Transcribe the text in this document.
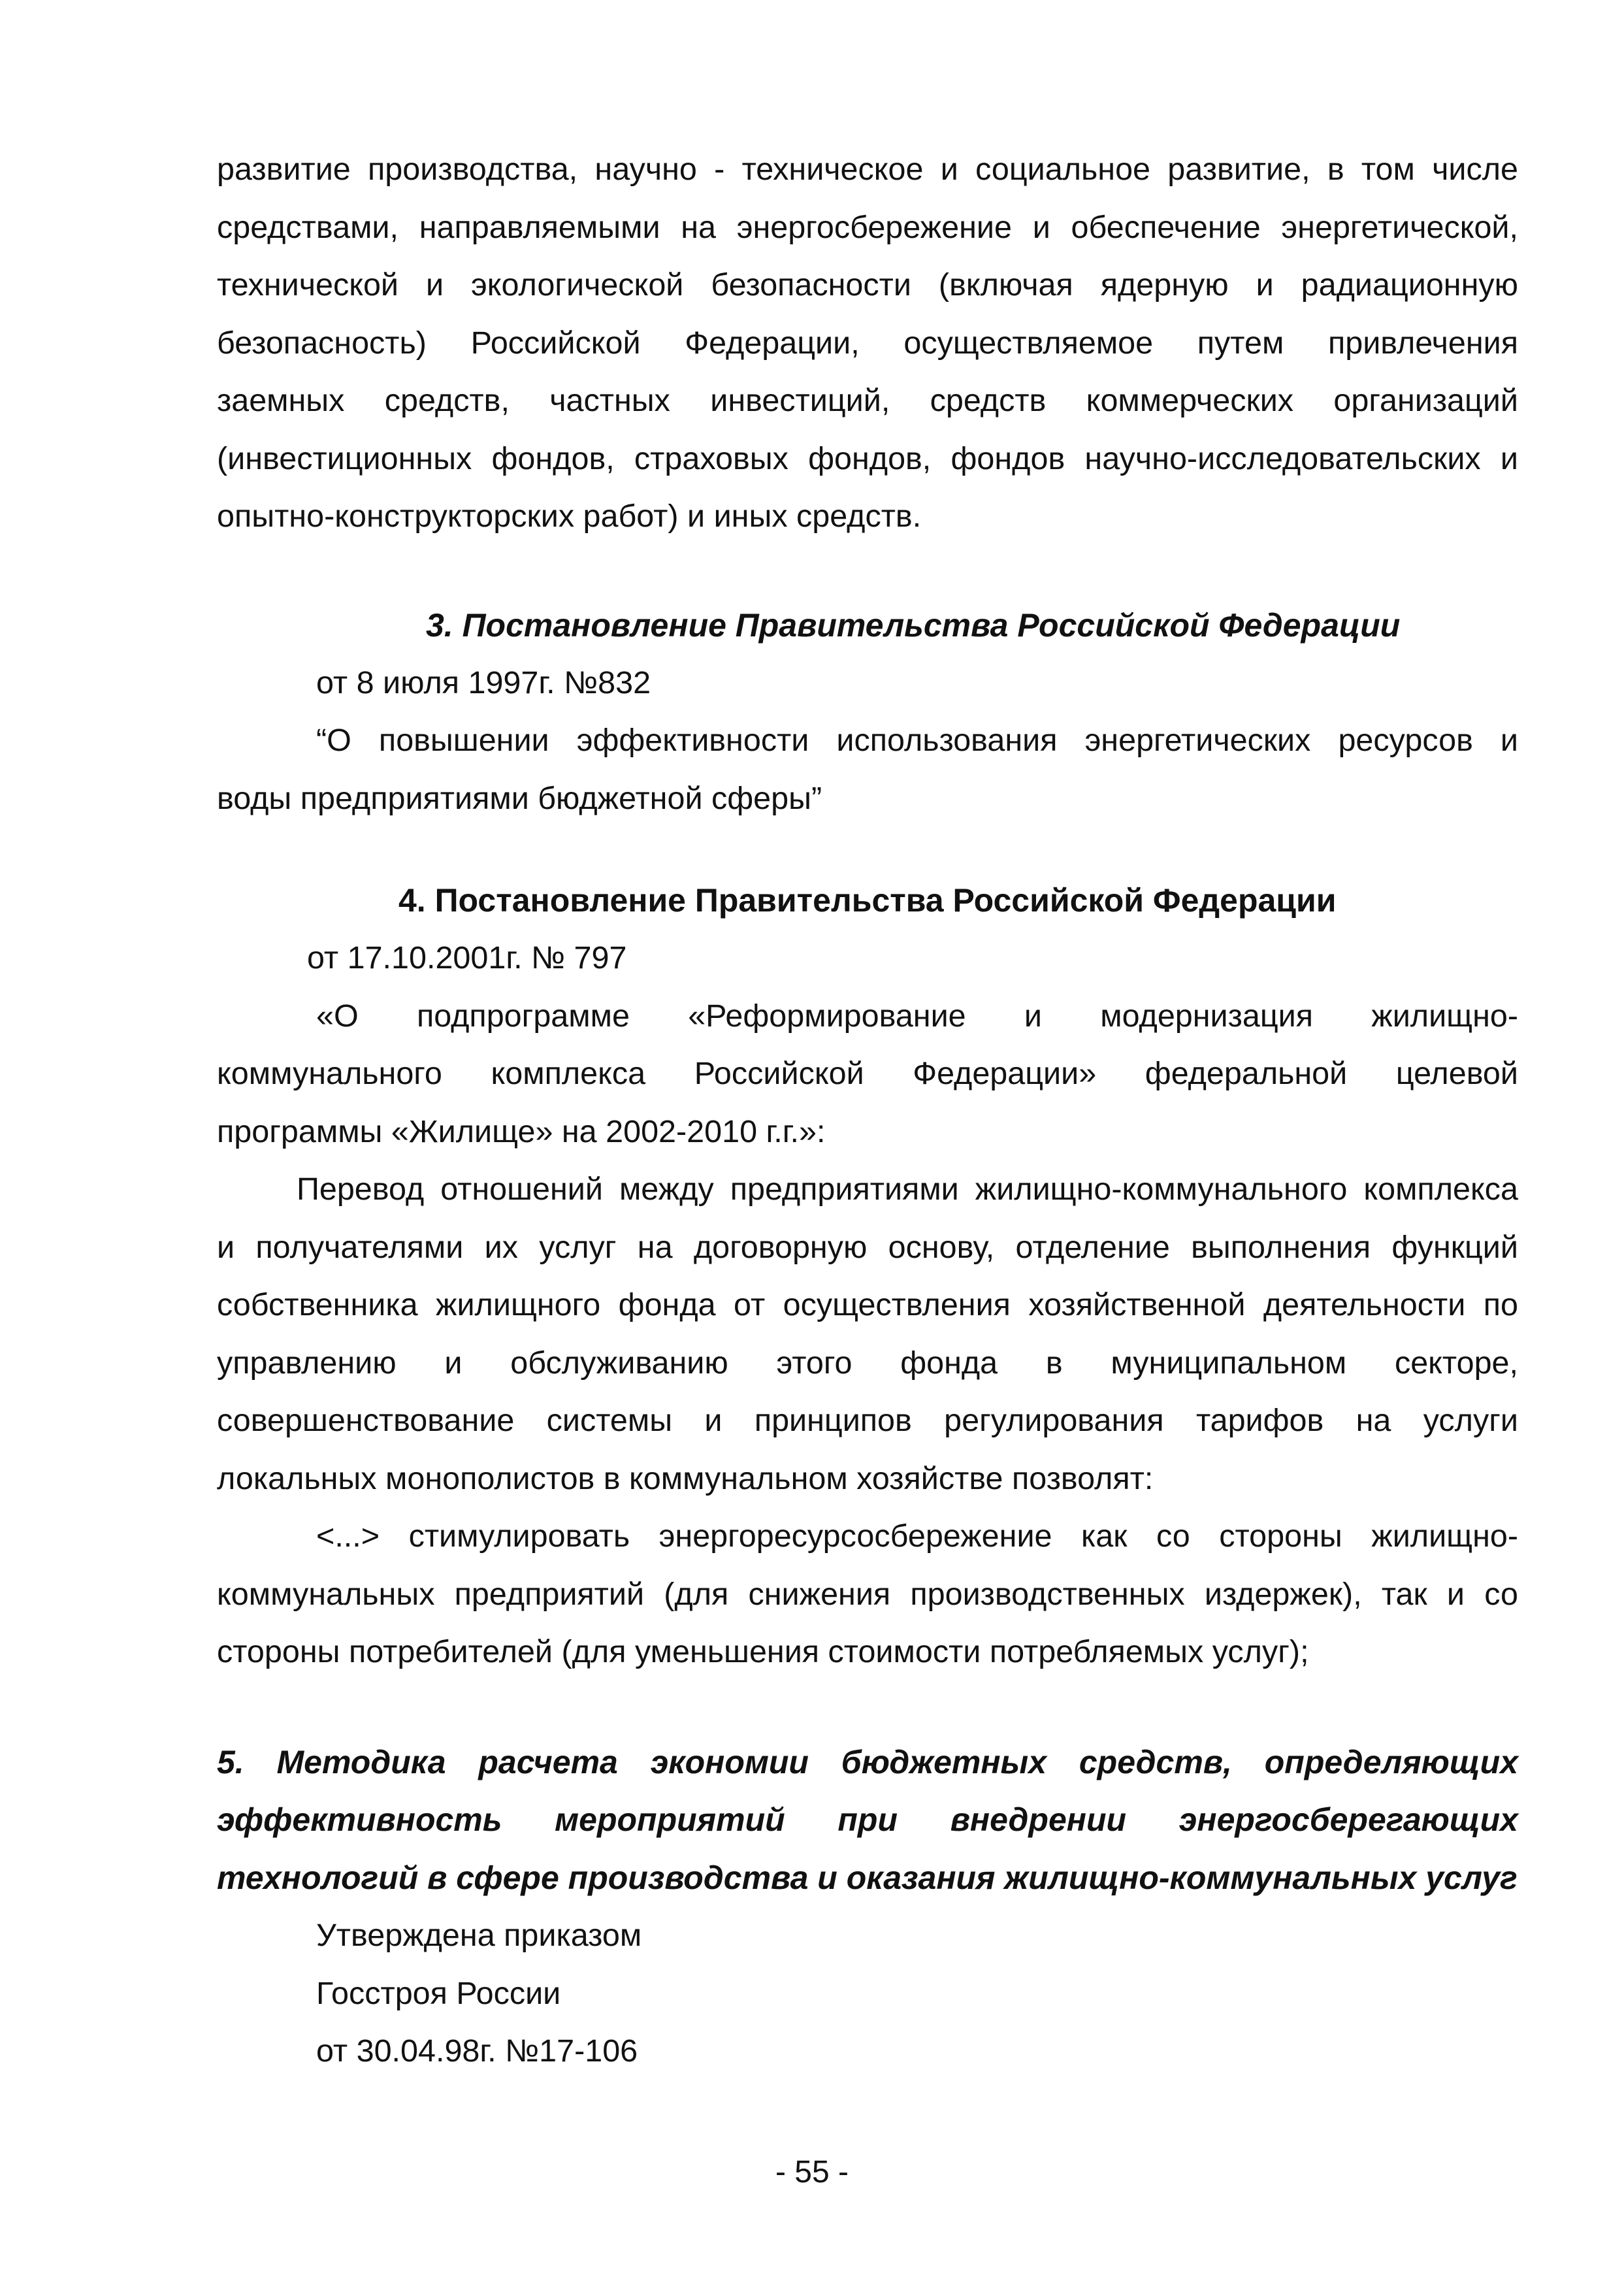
развитие производства, научно - техническое и социальное развитие, в том числе
средствами, направляемыми на энергосбережение и обеспечение энергетической,
технической и экологической безопасности (включая ядерную и радиационную
безопасность) Российской Федерации, осуществляемое путем привлечения
заемных средств, частных инвестиций, средств коммерческих организаций
(инвестиционных фондов, страховых фондов, фондов научно-исследовательских и
опытно-конструкторских работ) и иных средств.
3. Постановление Правительства Российской Федерации
от 8 июля 1997г. №832
“О повышении эффективности использования энергетических ресурсов и
воды предприятиями бюджетной сферы”
4. Постановление Правительства Российской Федерации
от 17.10.2001г. № 797
«О подпрограмме «Реформирование и модернизация жилищно-
коммунального комплекса Российской Федерации» федеральной целевой
программы «Жилище» на 2002-2010 г.г.»:
Перевод отношений между предприятиями жилищно-коммунального комплекса
и получателями их услуг на договорную основу, отделение выполнения функций
собственника жилищного фонда от осуществления хозяйственной деятельности по
управлению и обслуживанию этого фонда в муниципальном секторе,
совершенствование системы и принципов регулирования тарифов на услуги
локальных монополистов в коммунальном хозяйстве позволят:
<...> стимулировать энергоресурсосбережение как со стороны жилищно-
коммунальных предприятий (для снижения производственных издержек), так и со
стороны потребителей (для уменьшения стоимости потребляемых услуг);
5. Методика расчета экономии бюджетных средств, определяющих
эффективность мероприятий при внедрении энергосберегающих
технологий в сфере производства и оказания жилищно-коммунальных услуг
Утверждена приказом
Госстроя России
от 30.04.98г. №17-106
- 55 -
